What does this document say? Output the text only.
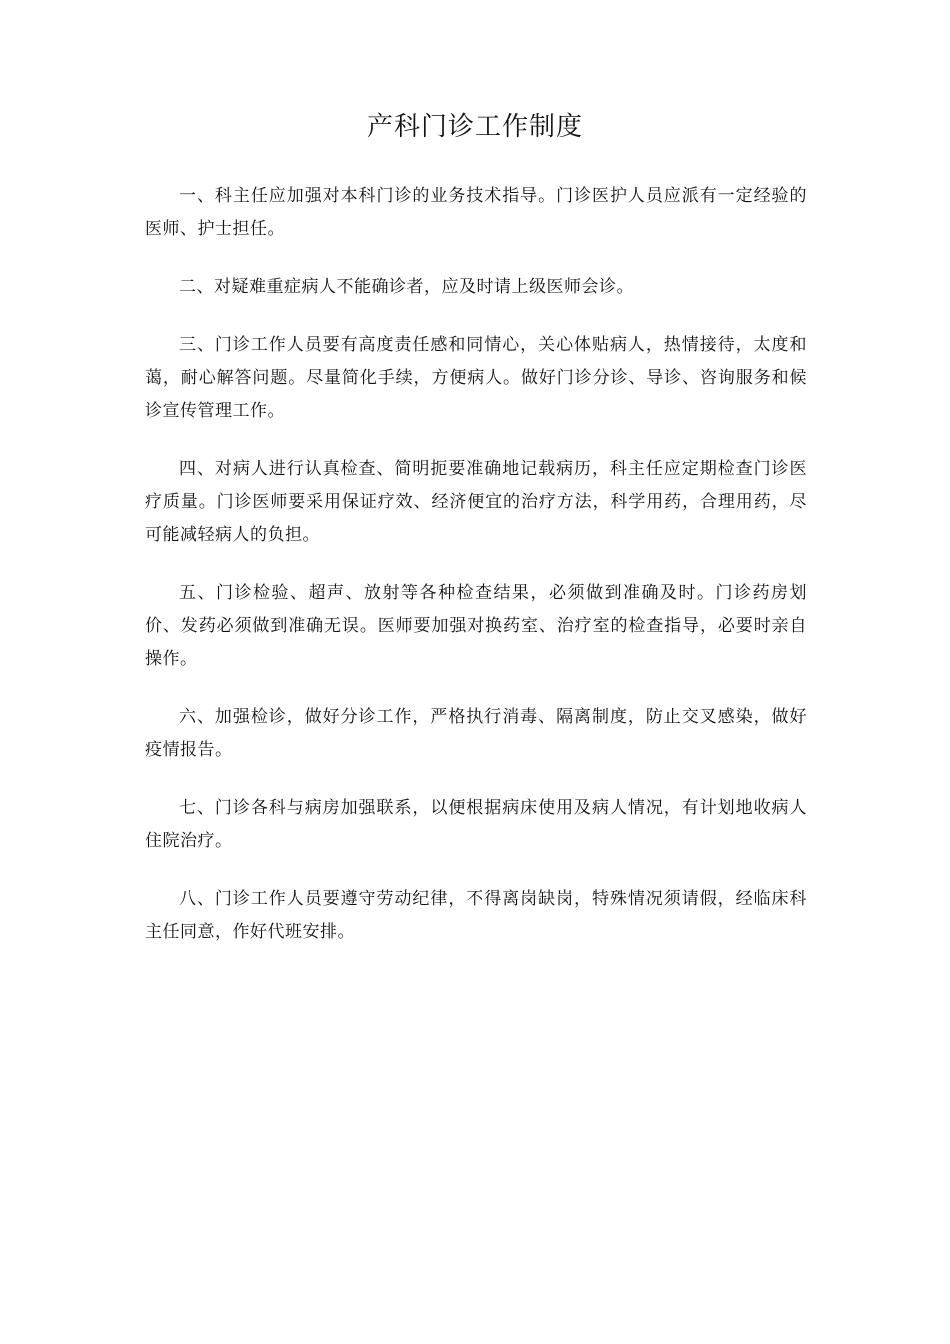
产科门诊工作制度

一、科主任应加强对本科门诊的业务技术指导。门诊医护人员应派有一定经验的医师、护士担任。

二、对疑难重症病人不能确诊者，应及时请上级医师会诊。

三、门诊工作人员要有高度责任感和同情心，关心体贴病人，热情接待，太度和蔼，耐心解答问题。尽量简化手续，方便病人。做好门诊分诊、导诊、咨询服务和候诊宣传管理工作。

四、对病人进行认真检查、简明扼要准确地记载病历，科主任应定期检查门诊医疗质量。门诊医师要采用保证疗效、经济便宜的治疗方法，科学用药，合理用药，尽可能减轻病人的负担。

五、门诊检验、超声、放射等各种检查结果，必须做到准确及时。门诊药房划价、发药必须做到准确无误。医师要加强对换药室、治疗室的检查指导，必要时亲自操作。

六、加强检诊，做好分诊工作，严格执行消毒、隔离制度，防止交叉感染，做好疫情报告。

七、门诊各科与病房加强联系，以便根据病床使用及病人情况，有计划地收病人住院治疗。

八、门诊工作人员要遵守劳动纪律，不得离岗缺岗，特殊情况须请假，经临床科主任同意，作好代班安排。
